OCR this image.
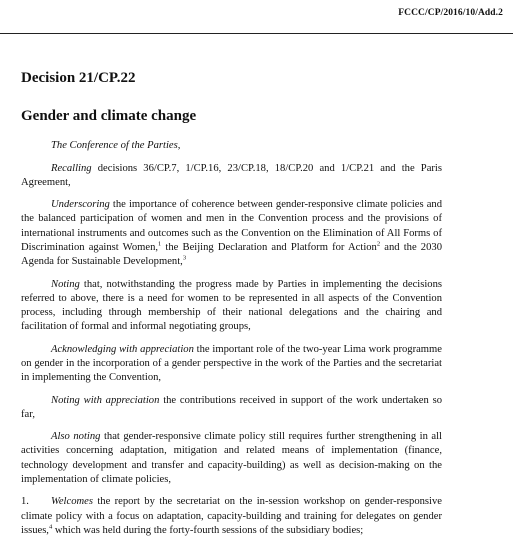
FCCC/CP/2016/10/Add.2
Decision 21/CP.22
Gender and climate change

The Conference of the Parties,

Recalling decisions 36/CP.7, 1/CP.16, 23/CP.18, 18/CP.20 and 1/CP.21 and the Paris Agreement,

Underscoring the importance of coherence between gender-responsive climate policies and the balanced participation of women and men in the Convention process and the provisions of international instruments and outcomes such as the Convention on the Elimination of All Forms of Discrimination against Women,$^1$ the Beijing Declaration and Platform for Action$^2$ and the 2030 Agenda for Sustainable Development,$^3$

Noting that, notwithstanding the progress made by Parties in implementing the decisions referred to above, there is a need for women to be represented in all aspects of the Convention process, including through membership of their national delegations and the chairing and facilitation of formal and informal negotiating groups,

Acknowledging with appreciation the important role of the two-year Lima work programme on gender in the incorporation of a gender perspective in the work of the Parties and the secretariat in implementing the Convention,

Noting with appreciation the contributions received in support of the work undertaken so far,

Also noting that gender-responsive climate policy still requires further strengthening in all activities concerning adaptation, mitigation and related means of implementation (finance, technology development and transfer and capacity-building) as well as decision-making on the implementation of climate policies,

1. Welcomes the report by the secretariat on the in-session workshop on gender-responsive climate policy with a focus on adaptation, capacity-building and training for delegates on gender issues,$^4$ which was held during the forty-fourth sessions of the subsidiary bodies;
